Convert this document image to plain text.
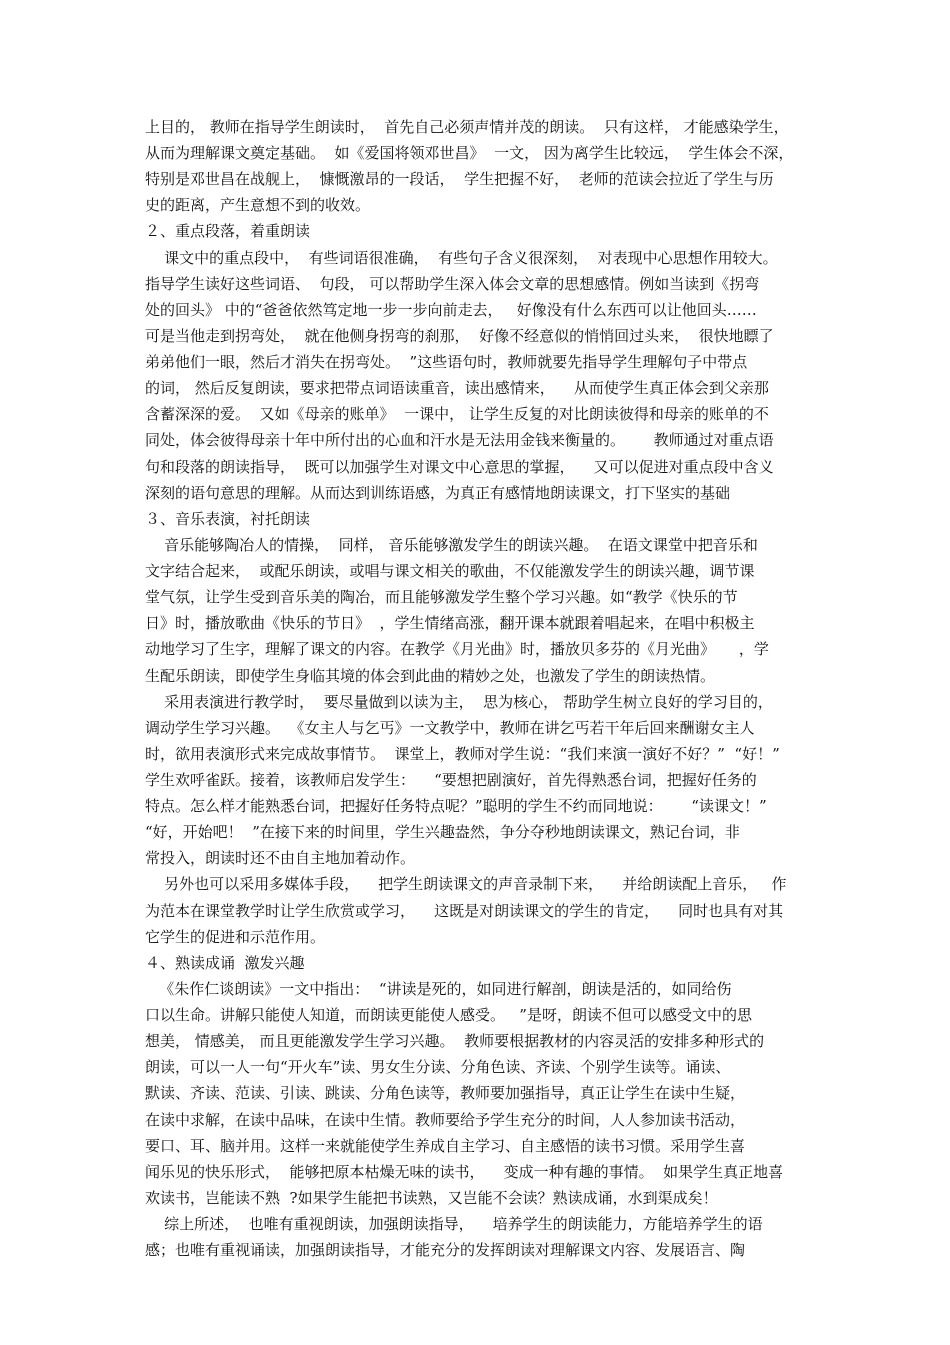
上目的， 教师在指导学生朗读时，  首先自己必须声情并茂的朗读。  只有这样， 才能感染学生，
从而为理解课文奠定基础。  如《爱国将领邓世昌》  一文， 因为离学生比较远，  学生体会不深，
特别是邓世昌在战舰上，  慷慨激昂的一段话，  学生把握不好，  老师的范读会拉近了学生与历
史的距离，产生意想不到的收效。
２、重点段落，着重朗读
课文中的重点段中，  有些词语很准确，  有些句子含义很深刻，  对表现中心思想作用较大。
指导学生读好这些词语、  句段， 可以帮助学生深入体会文章的思想感情。例如当读到《拐弯
处的回头》 中的“爸爸依然笃定地一步一步向前走去，   好像没有什么东西可以让他回头……
可是当他走到拐弯处，  就在他侧身拐弯的刹那，  好像不经意似的悄悄回过头来，  很快地瞟了
弟弟他们一眼，然后才消失在拐弯处。  ”这些语句时，教师就要先指导学生理解句子中带点
的词， 然后反复朗读，要求把带点词语读重音，读出感情来，    从而使学生真正体会到父亲那
含蓄深深的爱。  又如《母亲的账单》  一课中， 让学生反复的对比朗读彼得和母亲的账单的不
同处，体会彼得母亲十年中所付出的心血和汗水是无法用金钱来衡量的。      教师通过对重点语
句和段落的朗读指导，  既可以加强学生对课文中心意思的掌握，    又可以促进对重点段中含义
深刻的语句意思的理解。从而达到训练语感，为真正有感情地朗读课文，打下坚实的基础
３、音乐表演，衬托朗读
音乐能够陶冶人的情操，  同样， 音乐能够激发学生的朗读兴趣。  在语文课堂中把音乐和
文字结合起来，  或配乐朗读，或唱与课文相关的歌曲，不仅能激发学生的朗读兴趣，调节课
堂气氛，让学生受到音乐美的陶冶，而且能够激发学生整个学习兴趣。如“教学《快乐的节
日》时，播放歌曲《快乐的节日》  ，学生情绪高涨，翻开课本就跟着唱起来，在唱中积极主
动地学习了生字，理解了课文的内容。在教学《月光曲》时，播放贝多芬的《月光曲》     ，学
生配乐朗读，即使学生身临其境的体会到此曲的精妙之处，也激发了学生的朗读热情。
采用表演进行教学时，  要尽量做到以读为主，  思为核心， 帮助学生树立良好的学习目的，
调动学生学习兴趣。  《女主人与乞丐》一文教学中，教师在讲乞丐若干年后回来酬谢女主人
时，欲用表演形式来完成故事情节。  课堂上，教师对学生说：“我们来演一演好不好？”  “好！”
学生欢呼雀跃。接着，该教师启发学生：    “要想把剧演好，首先得熟悉台词，把握好任务的
特点。怎么样才能熟悉台词，把握好任务特点呢？”聪明的学生不约而同地说：      “读课文！”
“好，开始吧！  ”在接下来的时间里，学生兴趣盎然，争分夺秒地朗读课文，熟记台词，非
常投入，朗读时还不由自主地加着动作。
另外也可以采用多媒体手段，    把学生朗读课文的声音录制下来，    并给朗读配上音乐，   作
为范本在课堂教学时让学生欣赏或学习，    这既是对朗读课文的学生的肯定，    同时也具有对其
它学生的促进和示范作用。
４、熟读成诵  激发兴趣
《朱作仁谈朗读》一文中指出：  “讲读是死的，如同进行解剖，朗读是活的，如同给伤
口以生命。讲解只能使人知道，而朗读更能使人感受。   ”是呀，朗读不但可以感受文中的思
想美， 情感美， 而且更能激发学生学习兴趣。  教师要根据教材的内容灵活的安排多种形式的
朗读，可以一人一句“开火车”读、男女生分读、分角色读、齐读、个别学生读等。诵读、
默读、齐读、范读、引读、跳读、分角色读等，教师要加强指导，真正让学生在读中生疑，
在读中求解，在读中品味，在读中生情。教师要给予学生充分的时间，人人参加读书活动，
要口、耳、脑并用。这样一来就能使学生养成自主学习、自主感悟的读书习惯。采用学生喜
闻乐见的快乐形式，  能够把原本枯燥无味的读书，    变成一种有趣的事情。  如果学生真正地喜
欢读书，岂能读不熟  ?如果学生能把书读熟，又岂能不会读？熟读成诵，水到渠成矣！
综上所述，  也唯有重视朗读，加强朗读指导，    培养学生的朗读能力，方能培养学生的语
感；也唯有重视诵读，加强朗读指导，才能充分的发挥朗读对理解课文内容、发展语言、陶
